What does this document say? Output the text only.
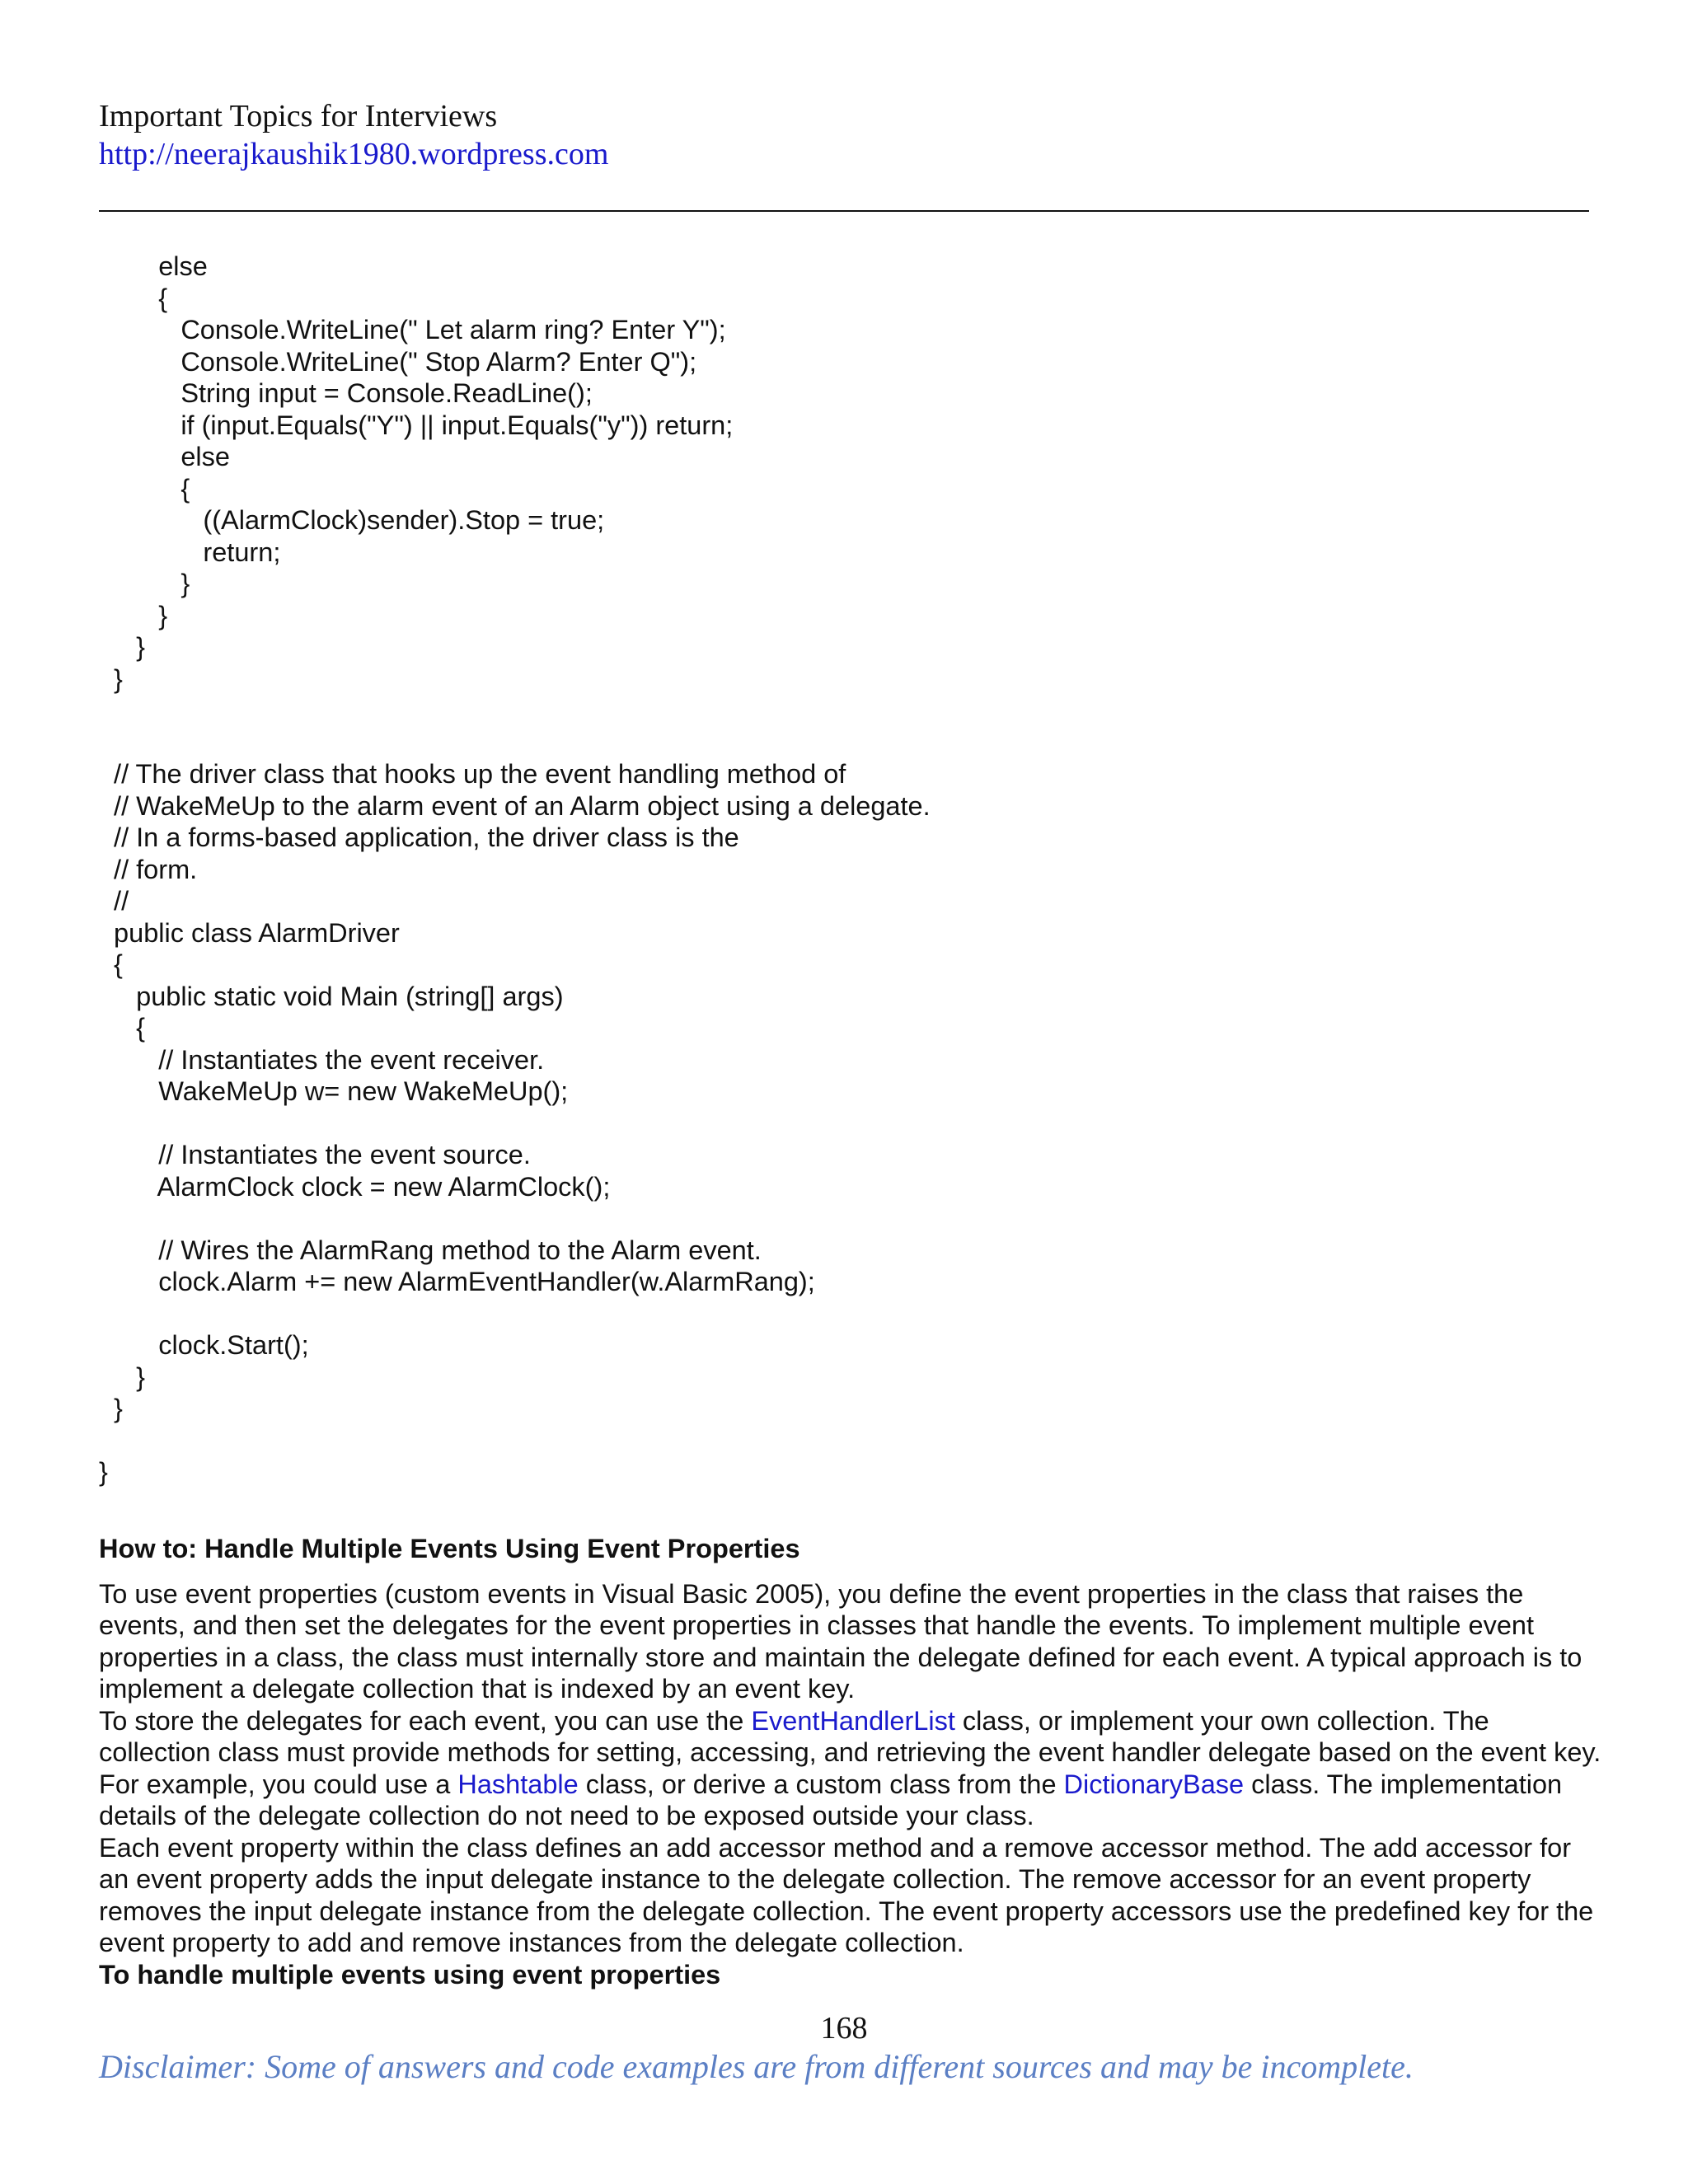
Important Topics for Interviews
http://neerajkaushik1980.wordpress.com
else
{
Console.WriteLine(" Let alarm ring? Enter Y");
Console.WriteLine(" Stop Alarm? Enter Q");
String input = Console.ReadLine();
if (input.Equals("Y") || input.Equals("y")) return;
else
{
((AlarmClock)sender).Stop = true;
return;
}
}
}
}
// The driver class that hooks up the event handling method of
// WakeMeUp to the alarm event of an Alarm object using a delegate.
// In a forms-based application, the driver class is the
// form.
//
public class AlarmDriver
{
public static void Main (string[] args)
{
// Instantiates the event receiver.
WakeMeUp w= new WakeMeUp();
// Instantiates the event source.
AlarmClock clock = new AlarmClock();
// Wires the AlarmRang method to the Alarm event.
clock.Alarm += new AlarmEventHandler(w.AlarmRang);
clock.Start();
}
}
}
How to: Handle Multiple Events Using Event Properties

To use event properties (custom events in Visual Basic 2005), you define the event properties in the class that raises the events, and then set the delegates for the event properties in classes that handle the events. To implement multiple event properties in a class, the class must internally store and maintain the delegate defined for each event. A typical approach is to implement a delegate collection that is indexed by an event key.

To store the delegates for each event, you can use the EventHandlerList class, or implement your own collection. The collection class must provide methods for setting, accessing, and retrieving the event handler delegate based on the event key. For example, you could use a Hashtable class, or derive a custom class from the DictionaryBase class. The implementation details of the delegate collection do not need to be exposed outside your class.

Each event property within the class defines an add accessor method and a remove accessor method. The add accessor for an event property adds the input delegate instance to the delegate collection. The remove accessor for an event property removes the input delegate instance from the delegate collection. The event property accessors use the predefined key for the event property to add and remove instances from the delegate collection.

To handle multiple events using event properties

168
Disclaimer: Some of answers and code examples are from different sources and may be incomplete.
